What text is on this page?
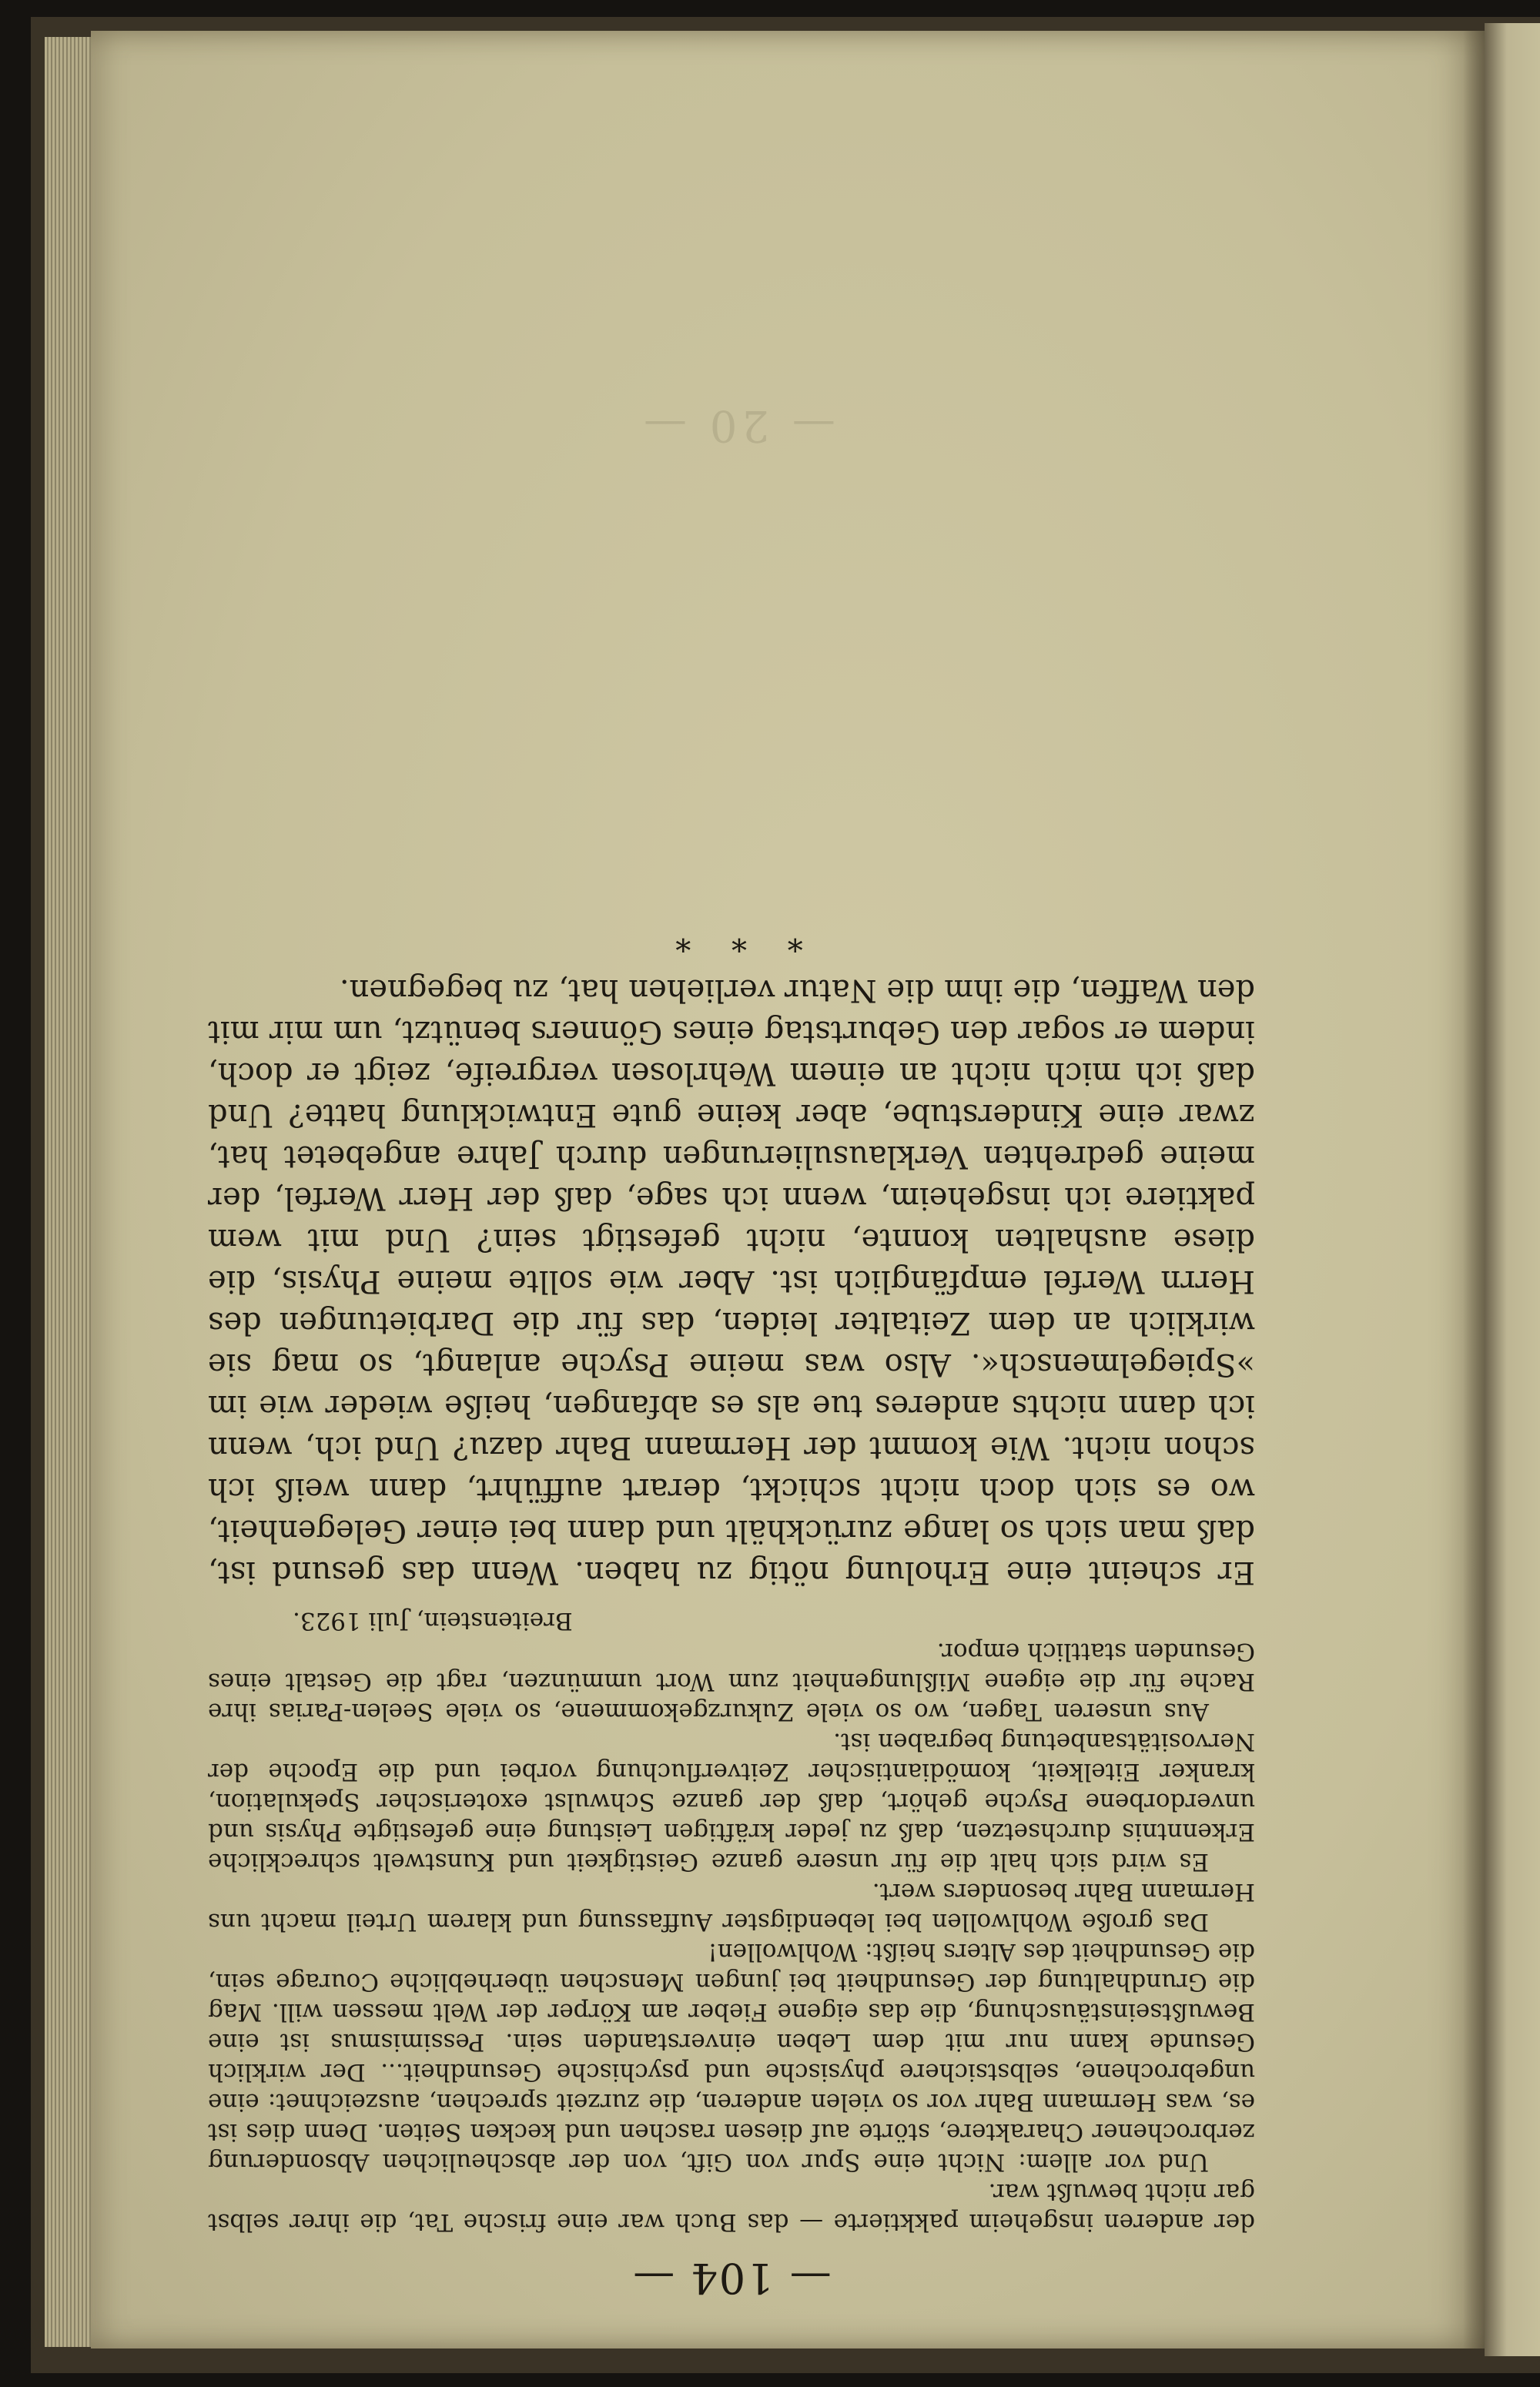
— 20 —
— 104 —

der anderen insgeheim pakktierte — das Buch war eine frische Tat, die ihrer selbst gar nicht bewußt war.

Und vor allem: Nicht eine Spur von Gift, von der abscheulichen Absonderung zerbrochener Charaktere, störte auf diesen raschen und kecken Seiten. Denn dies ist es, was Hermann Bahr vor so vielen anderen, die zurzeit sprechen, auszeichnet: eine ungebrochene, selbstsichere physische und psychische Gesundheit... Der wirklich Gesunde kann nur mit dem Leben einverstanden sein. Pessimismus ist eine Bewußtseinstäuschung, die das eigene Fieber am Körper der Welt messen will. Mag die Grundhaltung der Gesundheit bei jungen Menschen überhebliche Courage sein, die Gesundheit des Alters heißt: Wohlwollen!

Das große Wohlwollen bei lebendigster Auffassung und klarem Urteil macht uns Hermann Bahr besonders wert.

Es wird sich halt die für unsere ganze Geistigkeit und Kunstwelt schreckliche Erkenntnis durchsetzen, daß zu jeder kräftigen Leistung eine gefestigte Physis und unverdorbene Psyche gehört, daß der ganze Schwulst exoterischer Spekulation, kranker Eitelkeit, komödiantischer Zeitverfluchung vorbei und die Epoche der Nervositätsanbetung begraben ist.

Aus unseren Tagen, wo so viele Zukurzgekommene, so viele Seelen-Parias ihre Rache für die eigene Mißlungenheit zum Wort ummünzen, ragt die Gestalt eines Gesunden stattlich empor.

Breitenstein, Juli 1923.

Er scheint eine Erholung nötig zu haben. Wenn das gesund ist, daß man sich so lange zurückhält und dann bei einer Gelegenheit, wo es sich doch nicht schickt, derart aufführt, dann weiß ich schon nicht. Wie kommt der Hermann Bahr dazu? Und ich, wenn ich dann nichts anderes tue als es abfangen, heiße wieder wie im »Spiegelmensch«. Also was meine Psyche anlangt, so mag sie wirklich an dem Zeitalter leiden, das für die Darbietungen des Herrn Werfel empfänglich ist. Aber wie sollte meine Physis, die diese aushalten konnte, nicht gefestigt sein? Und mit wem paktiere ich insgeheim, wenn ich sage, daß der Herr Werfel, der meine gedrehten Verklausulierungen durch Jahre angebetet hat, zwar eine Kinderstube, aber keine gute Entwicklung hatte? Und daß ich mich nicht an einem Wehrlosen vergreife, zeigt er doch, indem er sogar den Geburtstag eines Gönners benützt, um mir mit den Waffen, die ihm die Natur verliehen hat, zu begegnen.

* * *
